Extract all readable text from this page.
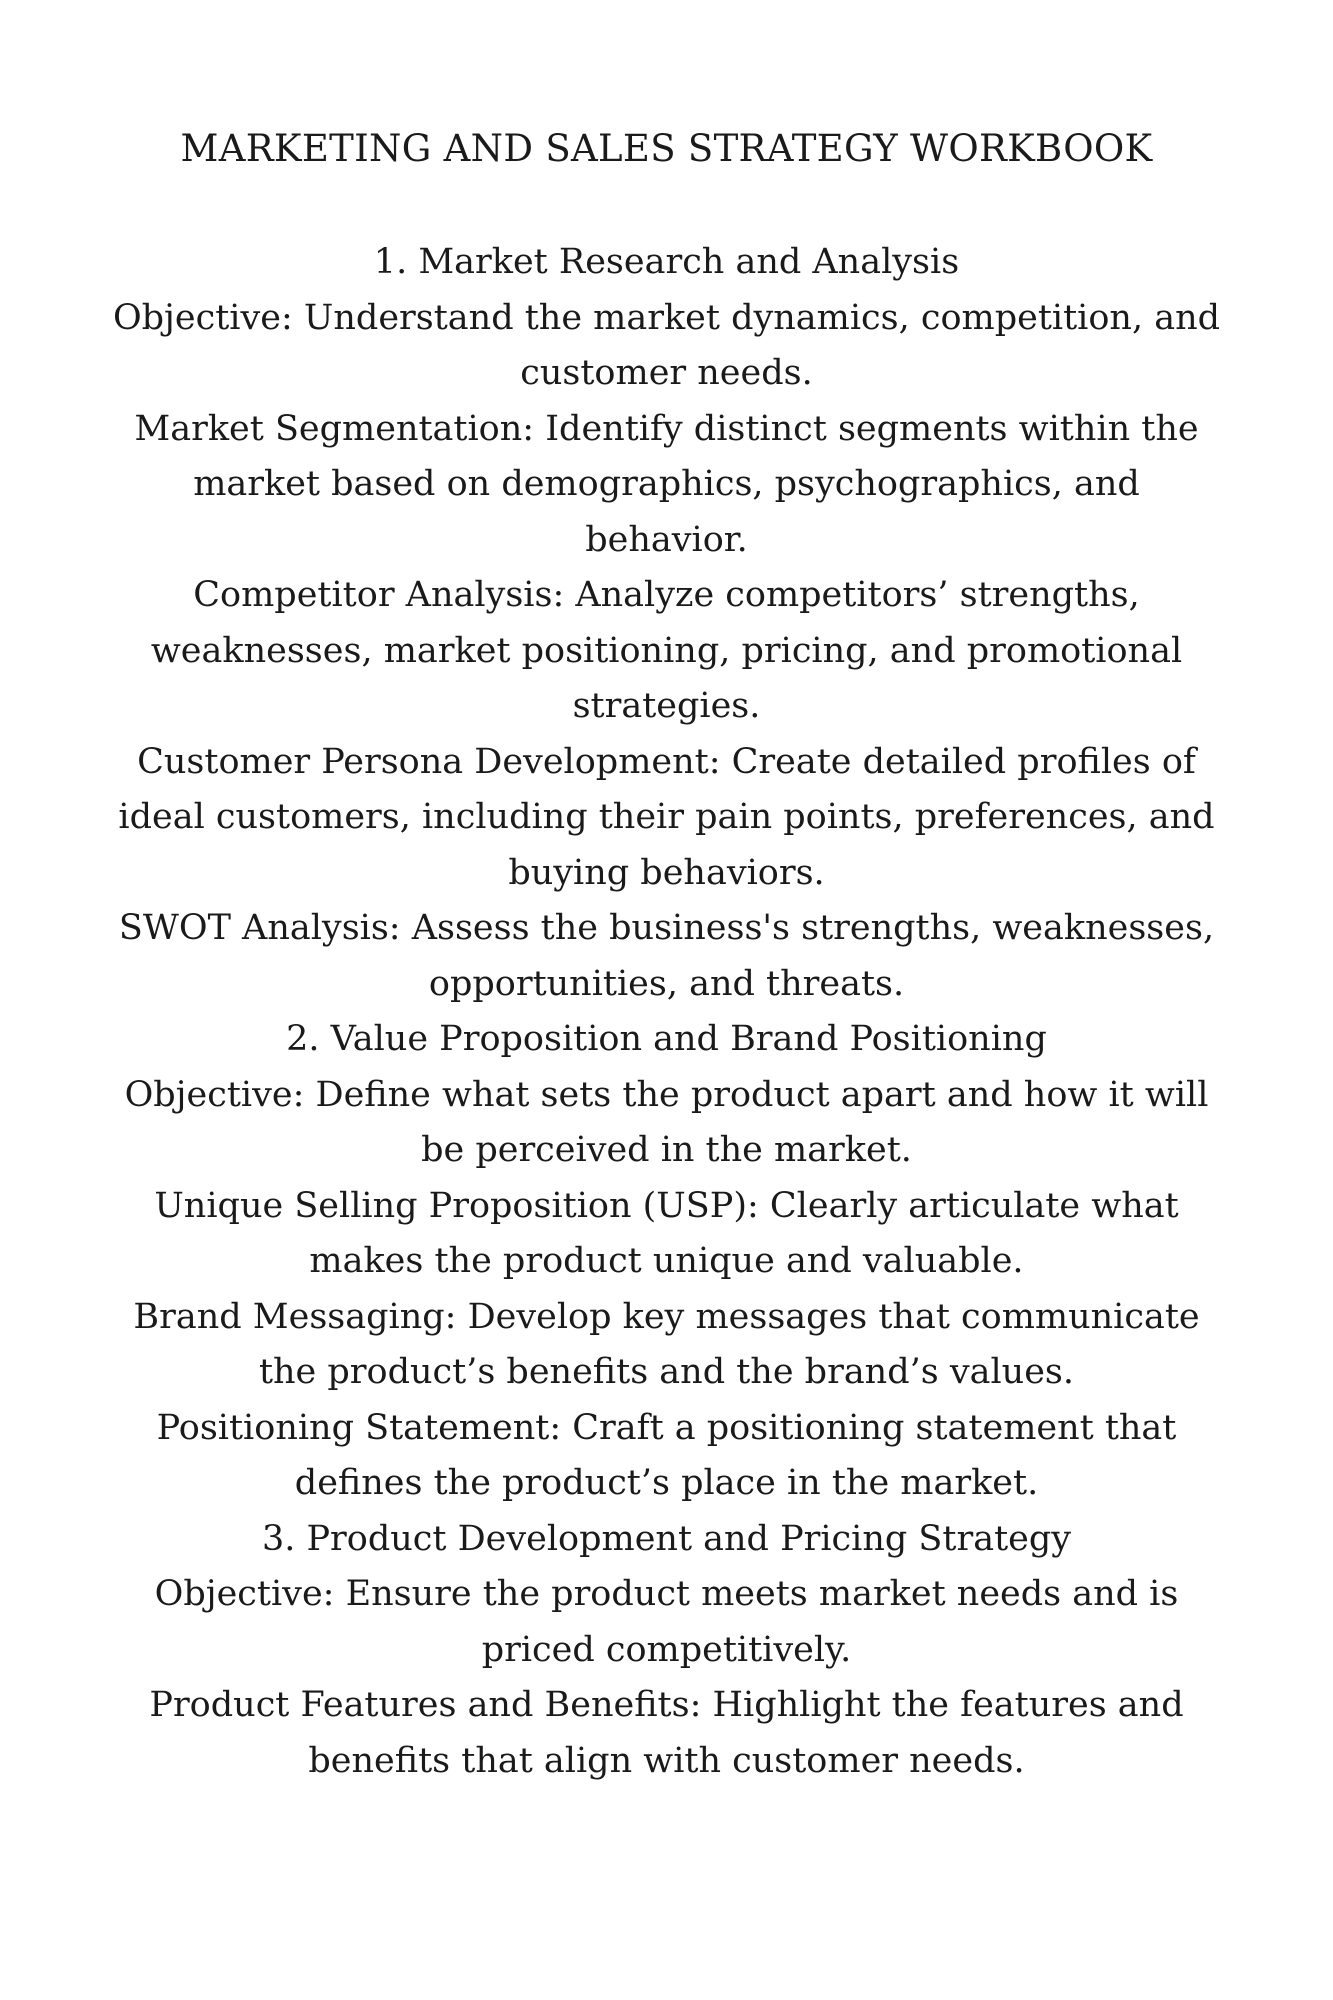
MARKETING AND SALES STRATEGY WORKBOOK

1. Market Research and Analysis

Objective: Understand the market dynamics, competition, and customer needs.

Market Segmentation: Identify distinct segments within the market based on demographics, psychographics, and behavior.

Competitor Analysis: Analyze competitors’ strengths, weaknesses, market positioning, pricing, and promotional strategies.

Customer Persona Development: Create detailed profiles of ideal customers, including their pain points, preferences, and buying behaviors.

SWOT Analysis: Assess the business's strengths, weaknesses, opportunities, and threats.

2. Value Proposition and Brand Positioning

Objective: Define what sets the product apart and how it will be perceived in the market.

Unique Selling Proposition (USP): Clearly articulate what makes the product unique and valuable.

Brand Messaging: Develop key messages that communicate the product’s benefits and the brand’s values.

Positioning Statement: Craft a positioning statement that defines the product’s place in the market.

3. Product Development and Pricing Strategy

Objective: Ensure the product meets market needs and is priced competitively.

Product Features and Benefits: Highlight the features and benefits that align with customer needs.
